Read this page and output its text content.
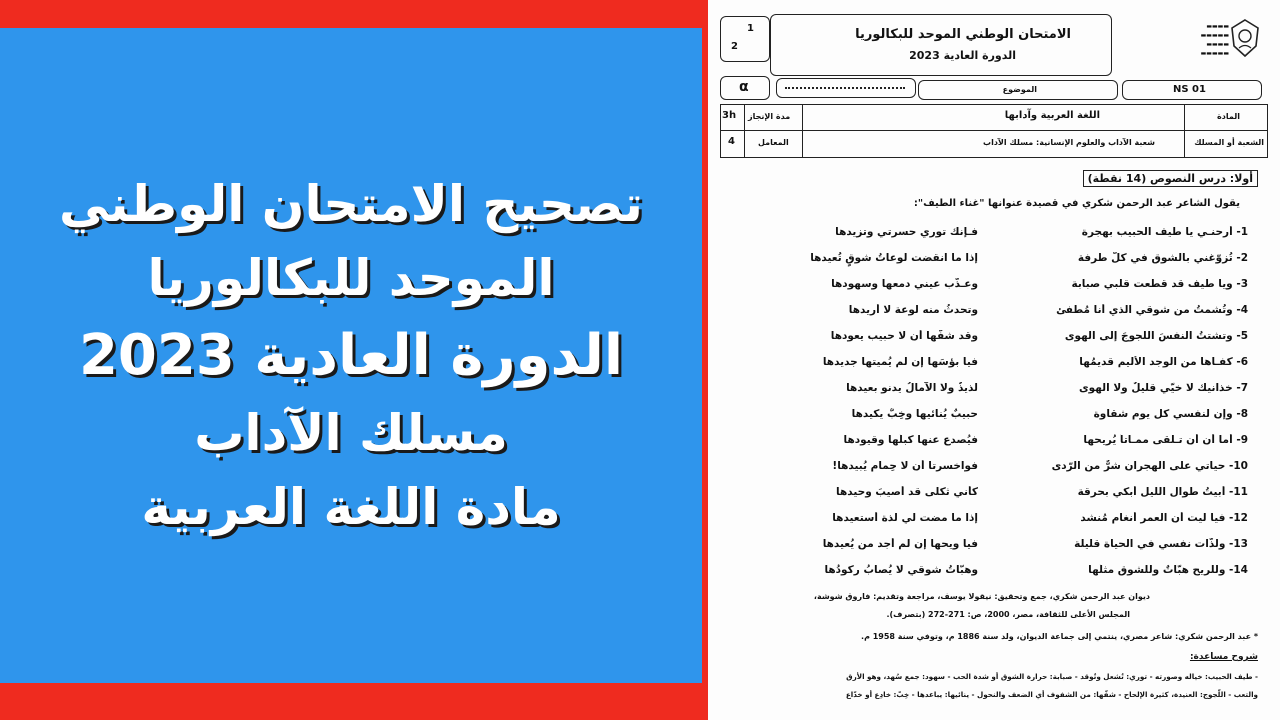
تصحيح الامتحان الوطني
الموحد للبكالوريا
الدورة العادية 2023
مسلك الآداب
مادة اللغة العربية
1
2
الامتحان الوطني الموحد للبكالوريا
الدورة العادية 2023
▬▬▬▬
▬▬▬▬▬
▬▬▬▬
▬▬▬▬▬
α	الموضوع	NS 01
3h مدة الإنجاز	اللغة العربية وآدابها	المادة
4	المعامل	شعبة الآداب والعلوم الإنسانية: مسلك الآداب	الشعبة أو المسلك
أولا: درس النصوص (14 نقطة)
يقول الشاعر عبد الرحمن شكري في قصيدة عنوانها "غناء الطيف":
1- أرحنـي يا طيف الحبيب بهجرة
فـإنك توري حسرتي وتزيدها
2- تُزوّغني بالشوق في كلّ طرفة
إذا ما انقضت لوعاتُ شوقٍ تُعيدها
3- ويا طيف قد قطّعت قلبي صبابة
وعـذّب عيني دمعها وسهودها
4- وتُشمتُ من شوقي الذي أنا مُطفئ
وتحدثُ منه لوعة لا أريدها
5- وتشتتُ النفسَ اللّجوجَ إلى الهوى
وقد شفّها أن لا حبيب يعودها
6- كفـاها من الوجد الأليم قديمُها
فيا بؤسَها إن لم يُميتها جديدها
7- خذانيك لا خيّي قليلٌ ولا الهوى
لذيذٌ ولا الآمالُ يدنو بعيدها
8- وإن لنفسي كل يوم شقاوة
حبيبٌ يُنائيها وخِبٌّ يكيدها
9- أما أن أن تـلقى ممـاتاً يُريحها
فيُصدع عنها كبلُها وقيودها
10- حياتي على الهجران شرٌّ من الرّدى
فواخسرتا أن لا حِمام يُبيدها!
11- أبيتُ طوال الليل أبكي بحرقة
كأني ثكلى قد أصيبَ وحيدها
12- فيا ليت أن العمر أنغام مُنشد
إذا ما مضت لي لذة أستعيدها
13- ولذّات نفسي في الحياة قليلة
فيا ويحها إن لم أجد من يُعيدها
14- وللريح هبّاتٌ وللشوق مثلُها
وهبّاتُ شوقي لا يُصابُ ركودُها
ديوان عبد الرحمن شكري، جمع وتحقيق: نيقولا يوسف، مراجعة وتقديم: فاروق شوشة،
المجلس الأعلى للثقافة، مصر، 2000، ص: 271-272 (بتصرف).
* عبد الرحمن شكري: شاعر مصري، ينتمي إلى جماعة الديوان، ولد سنة 1886 م، وتوفي سنة 1958 م.
شروح مساعدة:
- طيف الحبيب: خياله وصورته - توري: تُشعل وتُوقد - صبابة: حرارة الشوق أو شدة الحب - سهود: جمع سُهد، وهو الأرق
والتعب - اللّجوج: العنيدة، كثيرة الإلحاح - شفّها: من الشفوف أي الضعف والنحول - ينائيها: يباعدها - خِبّ: خادِع أو خدّاع
